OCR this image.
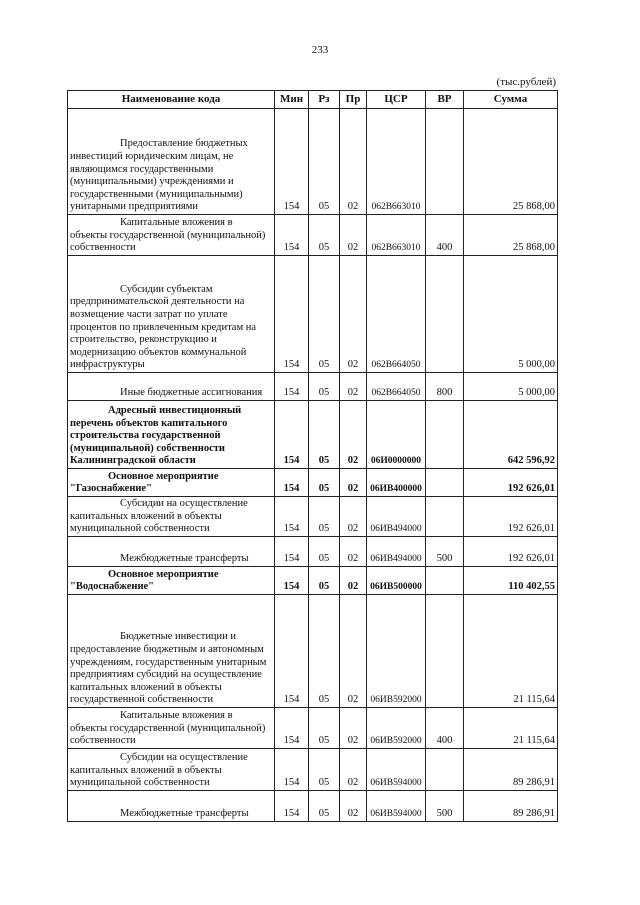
233
(тыс.рублей)
Наименование кода	Мин	Рз	Пр	ЦСР	ВР	Сумма

Предоставление бюджетных инвестиций юридическим лицам, не являющимся государственными (муниципальными) учреждениями и государственными (муниципальными) унитарными предприятиями	154	05	02	062В663010		25 868,00

Капитальные вложения в объекты государственной (муниципальной) собственности	154	05	02	062В663010	400	25 868,00

Субсидии субъектам предпринимательской деятельности на возмещение части затрат по уплате процентов по привлеченным кредитам на строительство, реконструкцию и модернизацию объектов коммунальной инфраструктуры	154	05	02	062В664050		5 000,00

Иные бюджетные ассигнования	154	05	02	062В664050	800	5 000,00

Адресный инвестиционный перечень объектов капитального строительства государственной (муниципальной) собственности Калининградской области	154	05	02	06И0000000		642 596,92

Основное мероприятие "Газоснабжение"	154	05	02	06ИВ400000		192 626,01

Субсидии на осуществление капитальных вложений в объекты муниципальной собственности	154	05	02	06ИВ494000		192 626,01

Межбюджетные трансферты	154	05	02	06ИВ494000	500	192 626,01

Основное мероприятие "Водоснабжение"	154	05	02	06ИВ500000		110 402,55

Бюджетные инвестиции и предоставление бюджетным и автономным учреждениям, государственным унитарным предприятиям субсидий на осуществление капитальных вложений в объекты государственной собственности	154	05	02	06ИВ592000		21 115,64

Капитальные вложения в объекты государственной (муниципальной) собственности	154	05	02	06ИВ592000	400	21 115,64

Субсидии на осуществление капитальных вложений в объекты муниципальной собственности	154	05	02	06ИВ594000		89 286,91

Межбюджетные трансферты	154	05	02	06ИВ594000	500	89 286,91
